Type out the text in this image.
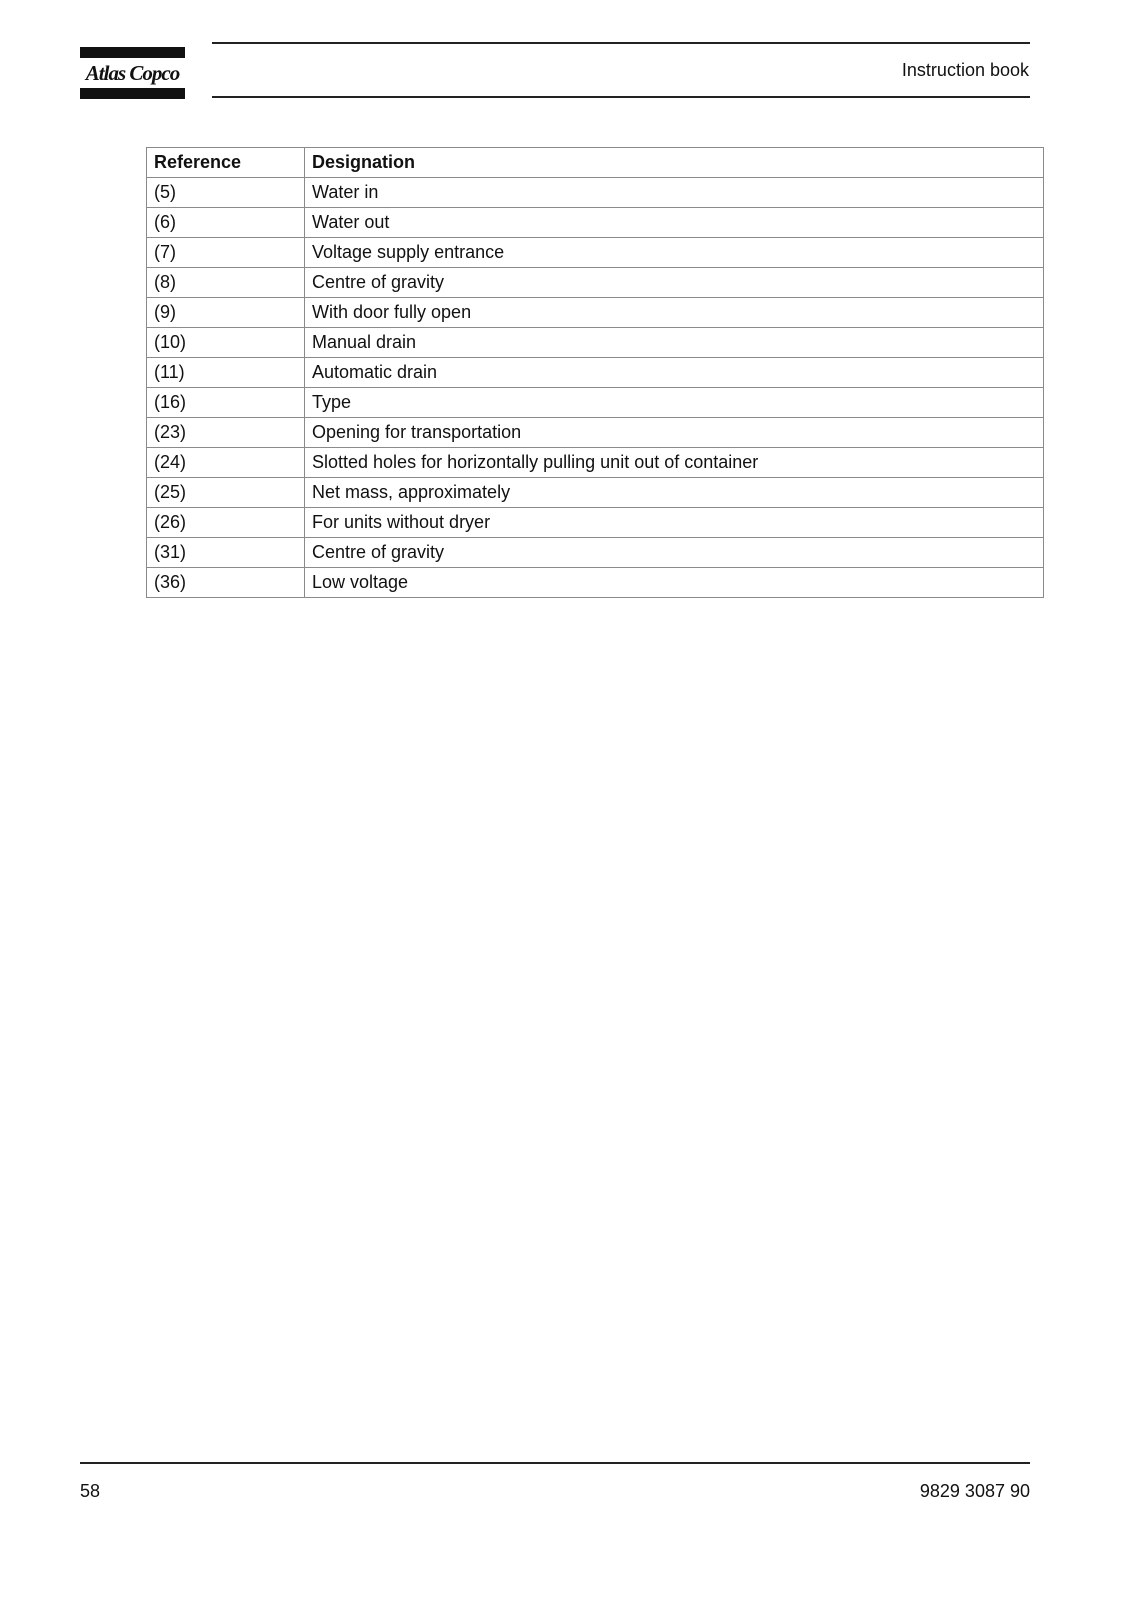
Atlas Copco	Instruction book
Reference	Designation
(5)	Water in
(6)	Water out
(7)	Voltage supply entrance
(8)	Centre of gravity
(9)	With door fully open
(10)	Manual drain
(11)	Automatic drain
(16)	Type
(23)	Opening for transportation
(24)	Slotted holes for horizontally pulling unit out of container
(25)	Net mass, approximately
(26)	For units without dryer
(31)	Centre of gravity
(36)	Low voltage
58	9829 3087 90
